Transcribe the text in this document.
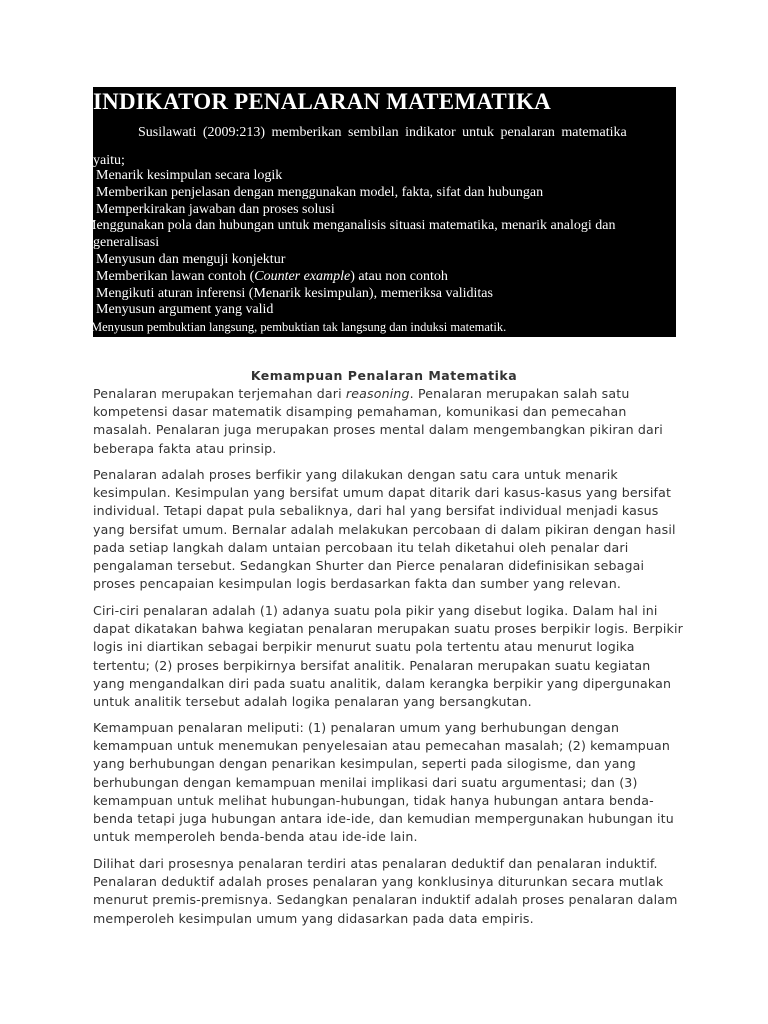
INDIKATOR PENALARAN MATEMATIKA
Susilawati (2009:213) memberikan sembilan indikator untuk penalaran matematika
yaitu;
1. Menarik kesimpulan secara logik
2. Memberikan penjelasan dengan menggunakan model, fakta, sifat dan hubungan
3. Memperkirakan jawaban dan proses solusi
4. Menggunakan pola dan hubungan untuk menganalisis situasi matematika, menarik analogi dan
generalisasi
5. Menyusun dan menguji konjektur
6. Memberikan lawan contoh (Counter example) atau non contoh
7. Mengikuti aturan inferensi (Menarik kesimpulan), memeriksa validitas
8. Menyusun argument yang valid
9. Menyusun pembuktian langsung, pembuktian tak langsung dan induksi matematik.
Kemampuan Penalaran Matematika

Penalaran merupakan terjemahan dari reasoning. Penalaran merupakan salah satu kompetensi dasar matematik disamping pemahaman, komunikasi dan pemecahan masalah. Penalaran juga merupakan proses mental dalam mengembangkan pikiran dari beberapa fakta atau prinsip.

Penalaran adalah proses berfikir yang dilakukan dengan satu cara untuk menarik kesimpulan. Kesimpulan yang bersifat umum dapat ditarik dari kasus-kasus yang bersifat individual. Tetapi dapat pula sebaliknya, dari hal yang bersifat individual menjadi kasus yang bersifat umum. Bernalar adalah melakukan percobaan di dalam pikiran dengan hasil pada setiap langkah dalam untaian percobaan itu telah diketahui oleh penalar dari pengalaman tersebut. Sedangkan Shurter dan Pierce penalaran didefinisikan sebagai proses pencapaian kesimpulan logis berdasarkan fakta dan sumber yang relevan.

Ciri-ciri penalaran adalah (1) adanya suatu pola pikir yang disebut logika. Dalam hal ini dapat dikatakan bahwa kegiatan penalaran merupakan suatu proses berpikir logis. Berpikir logis ini diartikan sebagai berpikir menurut suatu pola tertentu atau menurut logika tertentu; (2) proses berpikirnya bersifat analitik. Penalaran merupakan suatu kegiatan yang mengandalkan diri pada suatu analitik, dalam kerangka berpikir yang dipergunakan untuk analitik tersebut adalah logika penalaran yang bersangkutan.

Kemampuan penalaran meliputi: (1) penalaran umum yang berhubungan dengan kemampuan untuk menemukan penyelesaian atau pemecahan masalah; (2) kemampuan yang berhubungan dengan penarikan kesimpulan, seperti pada silogisme, dan yang berhubungan dengan kemampuan menilai implikasi dari suatu argumentasi; dan (3) kemampuan untuk melihat hubungan-hubungan, tidak hanya hubungan antara benda-benda tetapi juga hubungan antara ide-ide, dan kemudian mempergunakan hubungan itu untuk memperoleh benda-benda atau ide-ide lain.

Dilihat dari prosesnya penalaran terdiri atas penalaran deduktif dan penalaran induktif. Penalaran deduktif adalah proses penalaran yang konklusinya diturunkan secara mutlak menurut premis-premisnya. Sedangkan penalaran induktif adalah proses penalaran dalam memperoleh kesimpulan umum yang didasarkan pada data empiris.
